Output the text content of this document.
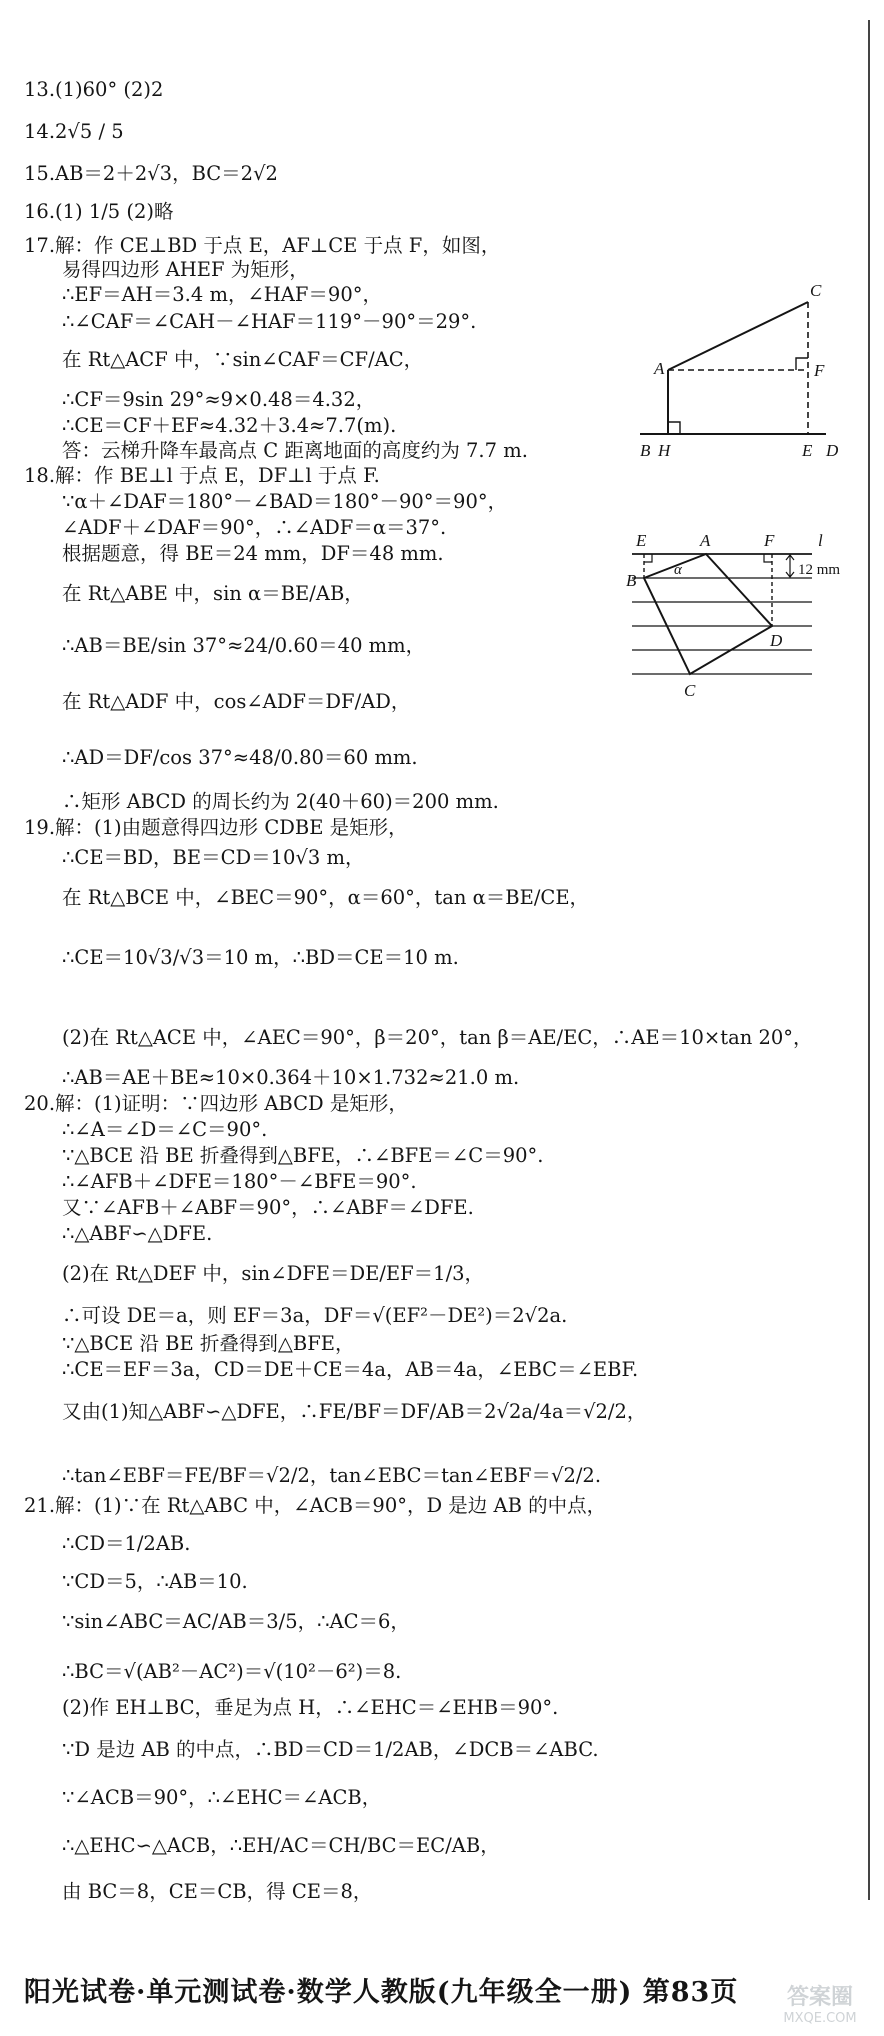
13.(1)60° (2)2
14.2√5 / 5
15.AB＝2＋2√3，BC＝2√2
16.(1) 1/5 (2)略
17.解：作 CE⊥BD 于点 E，AF⊥CE 于点 F，如图，
易得四边形 AHEF 为矩形，
∴EF＝AH＝3.4 m，∠HAF＝90°，
∴∠CAF＝∠CAH－∠HAF＝119°－90°＝29°.
在 Rt△ACF 中，∵sin∠CAF＝CF/AC，
∴CF＝9sin 29°≈9×0.48＝4.32，
∴CE＝CF＋EF≈4.32＋3.4≈7.7(m).
答：云梯升降车最高点 C 距离地面的高度约为 7.7 m.
18.解：作 BE⊥l 于点 E，DF⊥l 于点 F.
∵α＋∠DAF＝180°－∠BAD＝180°－90°＝90°，
∠ADF＋∠DAF＝90°，∴∠ADF＝α＝37°.
根据题意，得 BE＝24 mm，DF＝48 mm.
在 Rt△ABE 中，sin α＝BE/AB，
∴AB＝BE/sin 37°≈24/0.60＝40 mm，
在 Rt△ADF 中，cos∠ADF＝DF/AD，
∴AD＝DF/cos 37°≈48/0.80＝60 mm.
∴矩形 ABCD 的周长约为 2(40＋60)＝200 mm.
19.解：(1)由题意得四边形 CDBE 是矩形，
∴CE＝BD，BE＝CD＝10√3 m，
在 Rt△BCE 中，∠BEC＝90°，α＝60°，tan α＝BE/CE，
∴CE＝10√3/√3＝10 m，∴BD＝CE＝10 m.
(2)在 Rt△ACE 中，∠AEC＝90°，β＝20°，tan β＝AE/EC，∴AE＝10×tan 20°，
∴AB＝AE＋BE≈10×0.364＋10×1.732≈21.0 m.
20.解：(1)证明：∵四边形 ABCD 是矩形，
∴∠A＝∠D＝∠C＝90°.
∵△BCE 沿 BE 折叠得到△BFE，∴∠BFE＝∠C＝90°.
∴∠AFB＋∠DFE＝180°－∠BFE＝90°.
又∵∠AFB＋∠ABF＝90°，∴∠ABF＝∠DFE.
∴△ABF∽△DFE.
(2)在 Rt△DEF 中，sin∠DFE＝DE/EF＝1/3，
∴可设 DE＝a，则 EF＝3a，DF＝√(EF²－DE²)＝2√2a.
∵△BCE 沿 BE 折叠得到△BFE，
∴CE＝EF＝3a，CD＝DE＋CE＝4a，AB＝4a，∠EBC＝∠EBF.
又由(1)知△ABF∽△DFE，∴FE/BF＝DF/AB＝2√2a/4a＝√2/2，
∴tan∠EBF＝FE/BF＝√2/2，tan∠EBC＝tan∠EBF＝√2/2.
21.解：(1)∵在 Rt△ABC 中，∠ACB＝90°，D 是边 AB 的中点，
∴CD＝1/2AB.
∵CD＝5，∴AB＝10.
∵sin∠ABC＝AC/AB＝3/5，∴AC＝6，
∴BC＝√(AB²－AC²)＝√(10²－6²)＝8.
(2)作 EH⊥BC，垂足为点 H，∴∠EHC＝∠EHB＝90°.
∵D 是边 AB 的中点，∴BD＝CD＝1/2AB，∠DCB＝∠ABC.
∵∠ACB＝90°，∴∠EHC＝∠ACB，
∴△EHC∽△ACB，∴EH/AC＝CH/BC＝EC/AB，
由 BC＝8，CE＝CB，得 CE＝8，
C
A	F
B H	E D
E	A	F	l
12 mm
α
B
D
C
阳光试卷·单元测试卷·数学人教版(九年级全一册) 第83页	答案圈
MXQE.COM
